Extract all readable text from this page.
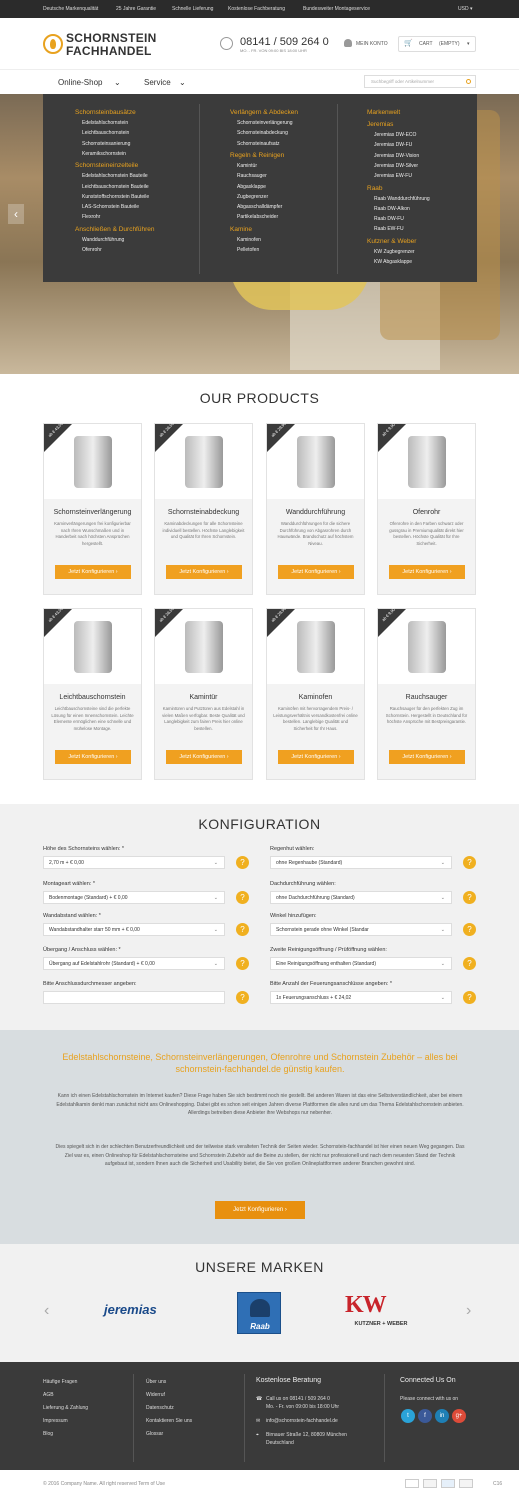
Deutsche Markenqualität	25 Jahre Garantie	Schnelle Lieferung	Kostenlose Fachberatung	Bundesweiter Montageservice	USD ▾
SCHORNSTEIN
FACHHANDEL
08141 / 509 264 0
MO. - FR. VON 09:00 BIS 18:00 UHR
MEIN KONTO 🛒 CART (EMPTY) ▾
Online-Shop ⌄	Service ⌄	Suchbegriff oder Artikelnummer
‹
OUR PRODUCTS
KONFIGURATION
Edelstahlschornsteine, Schornsteinverlängerungen, Ofenrohre und Schornstein Zubehör – alles bei schornstein-fachhandel.de günstig kaufen.
Kann ich einen Edelstahlschornstein im Internet kaufen? Diese Frage haben Sie sich bestimmt noch nie gestellt. Bei anderen Waren ist das eine Selbstverständlichkeit, aber bei einem Edelstahlkamin denkt man zunächst nicht ans Onlineshopping. Dabei gibt es schon seit einigen Jahren diverse Plattformen die alles rund um das Thema Edelstahlschornstein anbieten. Allerdings betreiben diese Anbieter ihre Webshops nur nebenher.
Dies spiegelt sich in der schlechten Benutzerfreundlichkeit und der teilweise stark veralteten Technik der Seiten wieder. Schornstein-fachhandel ist hier einen neuen Weg gegangen. Das Ziel war es, einen Onlineshop für Edelstahlschornsteine und Schornstein Zubehör auf die Beine zu stellen, der nicht nur professionell und nach dem neuesten Stand der Technik aufgebaut ist, sondern Ihnen auch die Sicherheit und Usability bietet, die Sie von großen Onlineplattformen anderer Branchen gewohnt sind.
Jetzt Konfigurieren ›
UNSERE MARKEN
‹	›
jeremias
Raab
KW
KUTZNER + WEBER
Kostenlose Beratung
☎ Call us on 08141 / 509 264 0
Mo. - Fr. von 09:00 bis 18:00 Uhr
✉ info@schornstein-fachhandel.de
⌖ Birnauer Straße 12, 80809 München
Deutschland
Connected Us On
Please connect with us on
t	f	in	g+
© 2016 Company Name. All right reserved Term of Use	C16
Schornsteinbausätze
Edelstahlschornstein
Leichtbauschornstein
Schornsteinsanierung
Keramikschornstein
Schornsteineinzelteile
Edelstahlschornstein Bauteile
Leichtbauschornstein Bauteile
Kunststoffschornstein Bauteile
LAS-Schornstein Bauteile
Flexrohr
Anschließen & Durchführen
Wanddurchführung
Ofenrohr
Verlängern & Abdecken
Schornsteinverlängerung
Schornsteinabdeckung
Schornsteinaufsatz
Regeln & Reinigen
Kamintür
Rauchsauger
Abgasklappe
Zugbegrenzer
Abgasschalldämpfer
Partikelabscheider
Kamine
Kaminofen
Pelletofen
Markenwelt
Jeremias
Jeremias DW-ECO
Jeremias DW-FU
Jeremias DW-Vision
Jeremias DW-Silver
Jeremias EW-FU
Raab
Raab Wanddurchführung
Raab DW-Alkon
Raab DW-FU
Raab EW-FU
Kutzner & Weber
KW Zugbegrenzer
KW Abgasklappe
ab € 43,00
Schornsteinverlängerung
Kaminverlängerungen frei konfigurierbar nach Ihren Wunschmaßen und in Handerbeit nach höchsten Ansprüchen hergestellt.
Jetzt Konfigurieren ›
ab € 36,50
Schornsteinabdeckung
Kaminabdeckungen für alle Schornsteine individuell bestellen. Höchste Langlebigkeit und Qualität für Ihren Schornstein.
Jetzt Konfigurieren ›
ab € 29,90
Wanddurchführung
Wanddurchführungen für die sichere Durchführung von Abgasrohren durch Hauswände. Brandschutz auf höchstem Niveau.
Jetzt Konfigurieren ›
ab € 9,90
Ofenrohr
Ofenrohre in den Farben schwarz oder gussgrau in Premiumqualität direkt hier bestellen. Höchste Qualität für Ihre Sicherheit.
Jetzt Konfigurieren ›
ab € 43,00
Leichtbauschornstein
Leichtbauschornsteine sind die perfekte Lösung für einen Innenschornstein. Leichte Elemente ermöglichen eine schnelle und mühelose Montage.
Jetzt Konfigurieren ›
ab € 36,50
Kamintür
Kamintüren und Putztüren aus Edelstahl in vielen Maßen verfügbar. Beste Qualität und Langlebigkeit zum fairen Preis hier online bestellen.
Jetzt Konfigurieren ›
ab € 29,90
Kaminofen
Kaminöfen mit hervorragendem Preis- / Leistungsverhältnis versandkostenfrei online bestellen. Langlebige Qualität und Sicherheit für Ihr Haus.
Jetzt Konfigurieren ›
ab € 9,90
Rauchsauger
Rauchsauger für den perfekten Zug im Schornstein. Hergestellt in Deutschland für höchste Ansprüche mit Bestpreisgarantie.
Jetzt Konfigurieren ›
Höhe des Schornsteins wählen: *
2,70 m + € 0,00	⌄	?
Montageart wählen: *
Bodenmontage (Standard) + € 0,00	⌄	?
Wandabstand wählen: *
Wandabstandhalter starr 50 mm + € 0,00	⌄	?
Übergang / Anschluss wählen: *
Übergang auf Edelstahlrohr (Standard) + € 0,00	⌄	?
Bitte Anschlussdurchmesser angeben:
?
Regenhut wählen:
ohne Regenhaube (Standard)	⌄	?
Dachdurchführung wählen:
ohne Dachdurchführung (Standard)	⌄	?
Winkel hinzufügen:
Schornstein gerade ohne Winkel (Standar	⌄	?
Zweite Reinigungsöffnung / Prüföffnung wählen:
Eine Reinigungsöffnung enthalten (Standard)	⌄	?
Bitte Anzahl der Feuerungsanschlüsse angeben: *
1x Feuerungsanschluss + € 24,02	⌄	?
Häufige Fragen
AGB
Lieferung & Zahlung
Impressum
Blog
Über uns
Widerruf
Datenschutz
Kontaktieren Sie uns
Glossar
